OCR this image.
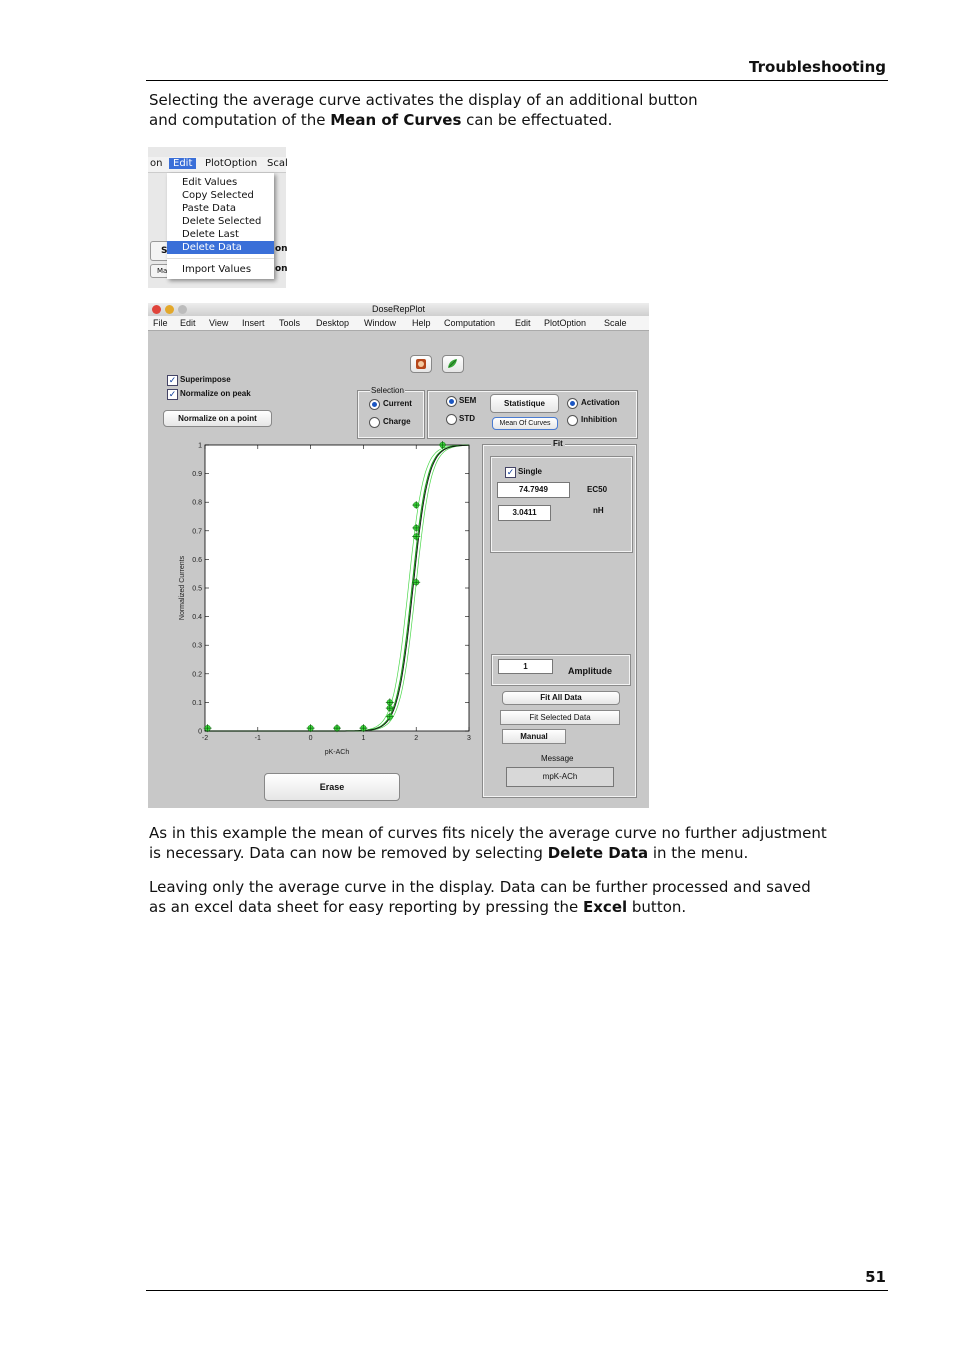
Troubleshooting
Selecting the average curve activates the display of an additional button
and computation of the Mean of Curves can be effectuated.
on	Edit	PlotOption Scal
S
Ma
on
on
Edit Values
Copy Selected
Paste Data
Delete Selected
Delete Last
Delete Data
Import Values
DoseRepPlot
File Edit View Insert Tools Desktop Window Help Computation Edit PlotOption Scale
✓ Superimpose
✓ Normalize on peak
Normalize on a point
Selection
Current
Charge
SEM
STD
Statistique
Mean Of Curves
Activation
Inhibition
Fit
✓ Single
74.7949	EC50
3.0411	nH
1	Amplitude
Fit All Data
Fit Selected Data
Manual
Message
mpK-ACh
Erase
-2	-1	0	1	2	3
0
0.1
0.2
0.3
0.4
0.5
0.6
0.7
0.8
0.9
1
pK-ACh
Normalized Currents
As in this example the mean of curves fits nicely the average curve no further adjustment
is necessary. Data can now be removed by selecting Delete Data in the menu.
Leaving only the average curve in the display. Data can be further processed and saved
as an excel data sheet for easy reporting by pressing the Excel button.
51
